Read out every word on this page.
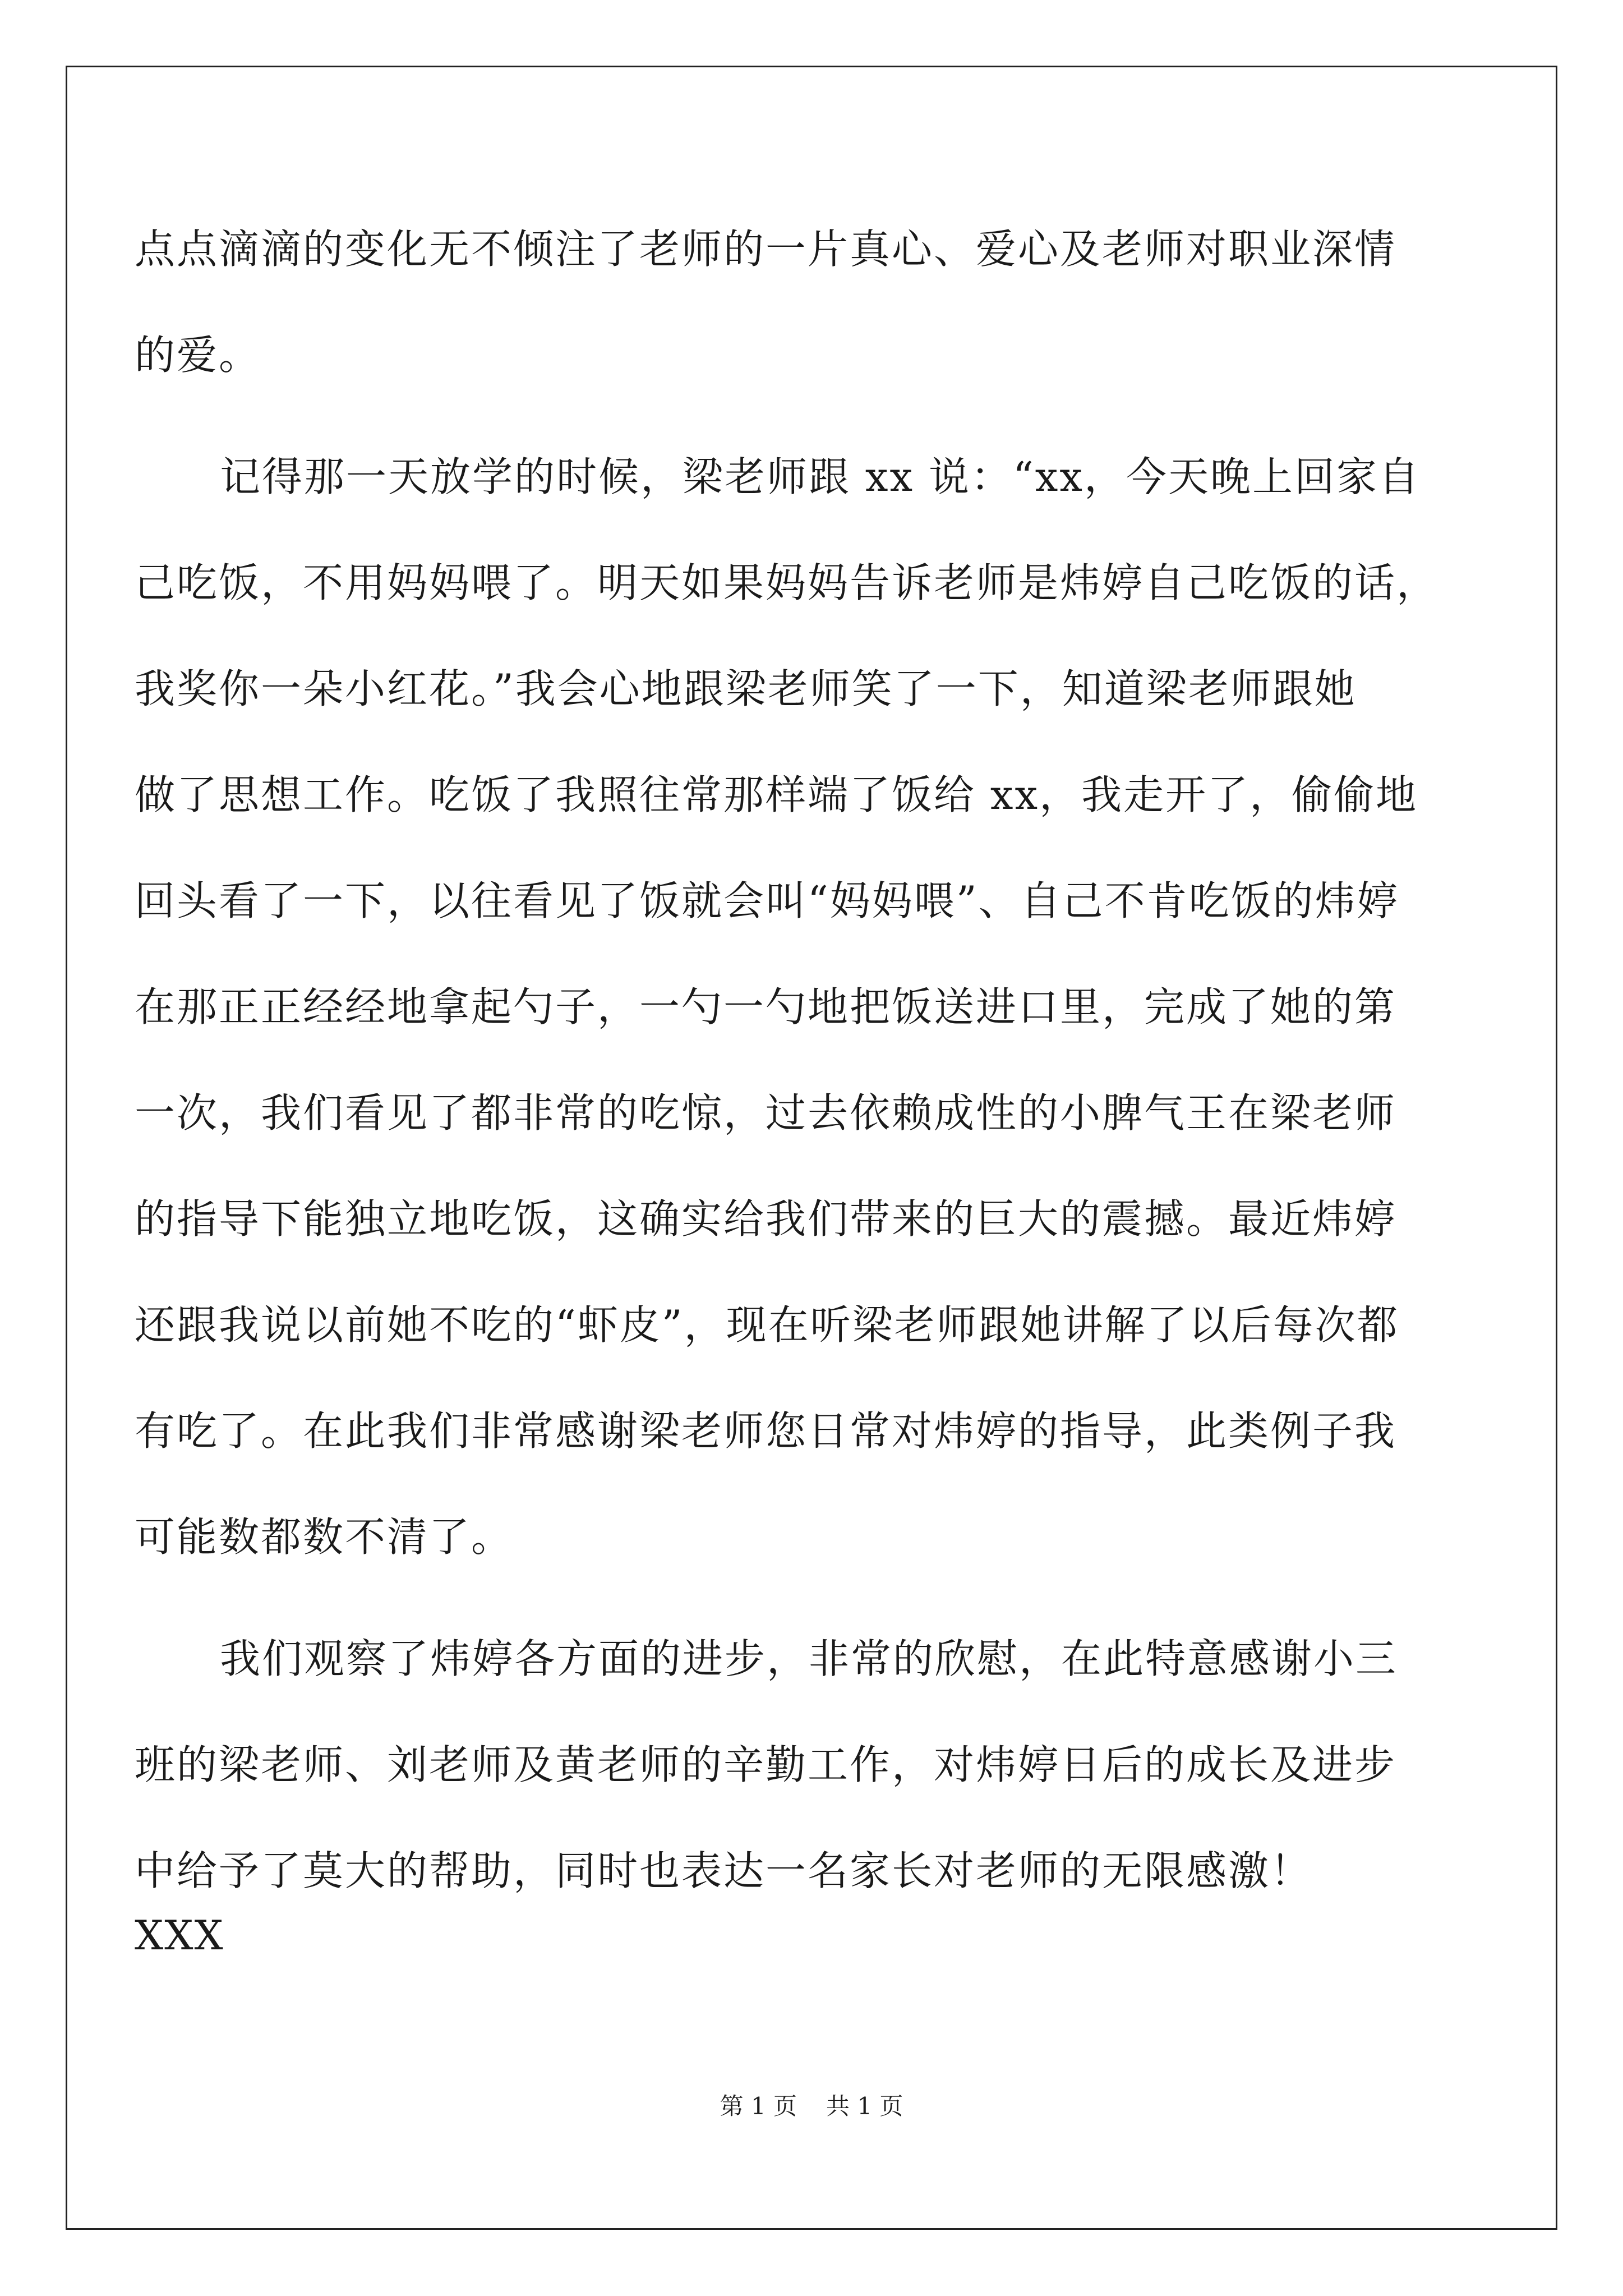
点点滴滴的变化无不倾注了老师的一片真心、爱心及老师对职业深情
的爱。
记得那一天放学的时候，梁老师跟 xx 说：“xx，今天晚上回家自
己吃饭，不用妈妈喂了。明天如果妈妈告诉老师是炜婷自己吃饭的话，
我奖你一朵小红花。”我会心地跟梁老师笑了一下，知道梁老师跟她
做了思想工作。吃饭了我照往常那样端了饭给 xx，我走开了，偷偷地
回头看了一下，以往看见了饭就会叫“妈妈喂”、自己不肯吃饭的炜婷
在那正正经经地拿起勺子，一勺一勺地把饭送进口里，完成了她的第
一次，我们看见了都非常的吃惊，过去依赖成性的小脾气王在梁老师
的指导下能独立地吃饭，这确实给我们带来的巨大的震撼。最近炜婷
还跟我说以前她不吃的“虾皮”，现在听梁老师跟她讲解了以后每次都
有吃了。在此我们非常感谢梁老师您日常对炜婷的指导，此类例子我
可能数都数不清了。
我们观察了炜婷各方面的进步，非常的欣慰，在此特意感谢小三
班的梁老师、刘老师及黄老师的辛勤工作，对炜婷日后的成长及进步
中给予了莫大的帮助，同时也表达一名家长对老师的无限感激！
XXX
第 1 页 共 1 页
